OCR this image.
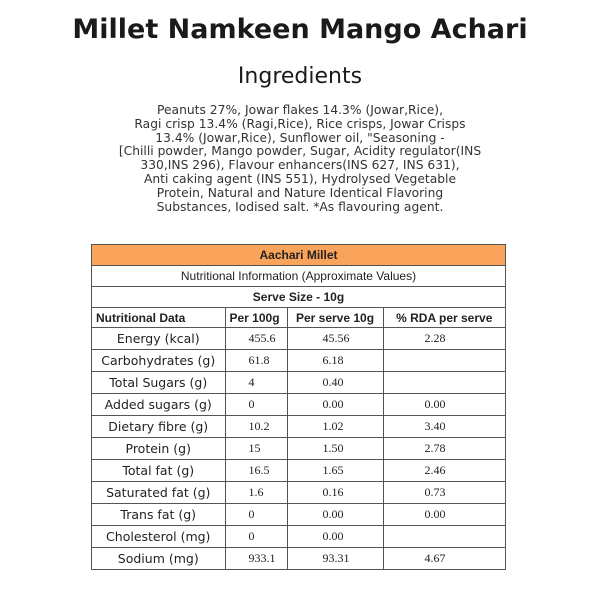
Millet Namkeen Mango Achari
Ingredients
Peanuts 27%, Jowar flakes 14.3% (Jowar,Rice),
Ragi crisp 13.4% (Ragi,Rice), Rice crisps, Jowar Crisps
13.4% (Jowar,Rice), Sunflower oil, "Seasoning -
[Chilli powder, Mango powder, Sugar, Acidity regulator(INS
330,INS 296), Flavour enhancers(INS 627, INS 631),
Anti caking agent (INS 551), Hydrolysed Vegetable
Protein, Natural and Nature Identical Flavoring
Substances, Iodised salt. *As flavouring agent.
Aachari Millet
Nutritional Information (Approximate Values)
Serve Size - 10g
Nutritional Data	Per 100g	Per serve 10g	% RDA per serve
Energy (kcal)	455.6	45.56	2.28
Carbohydrates (g)	61.8	6.18	
Total Sugars (g)	4	0.40	
Added sugars (g)	0	0.00	0.00
Dietary fibre (g)	10.2	1.02	3.40
Protein (g)	15	1.50	2.78
Total fat (g)	16.5	1.65	2.46
Saturated fat (g)	1.6	0.16	0.73
Trans fat (g)	0	0.00	0.00
Cholesterol (mg)	0	0.00	
Sodium (mg)	933.1	93.31	4.67
